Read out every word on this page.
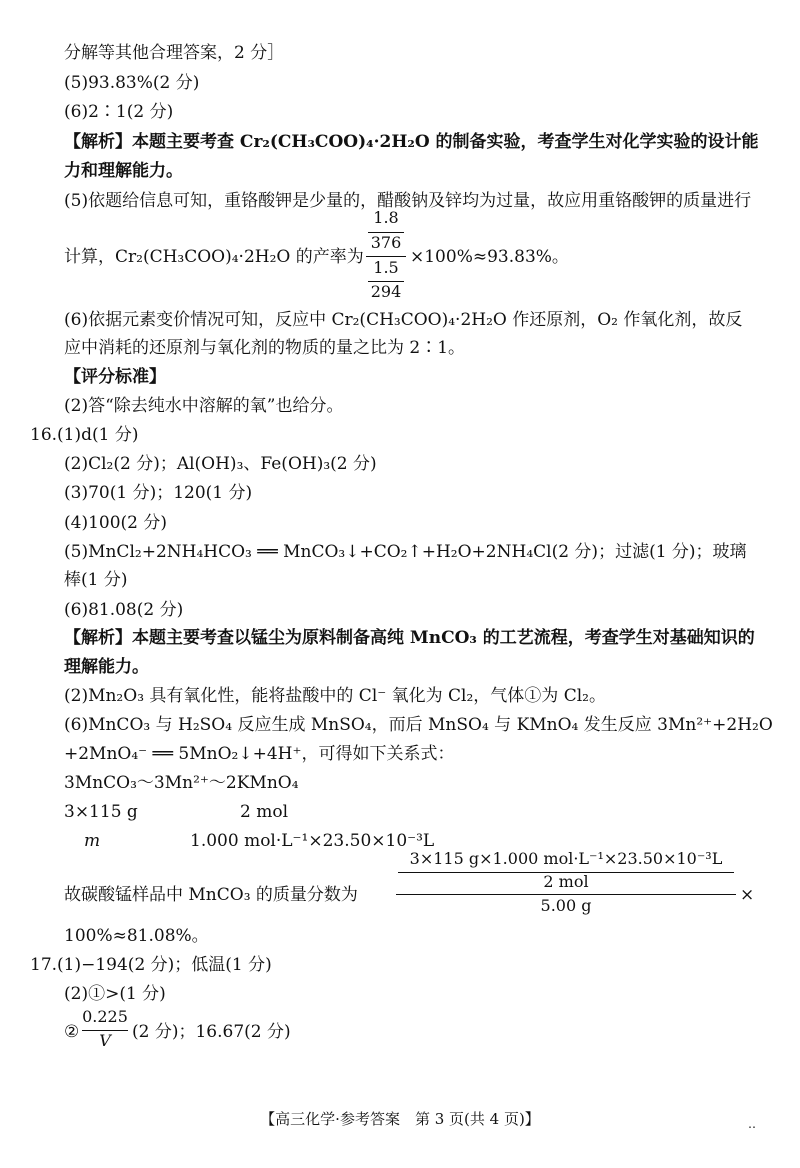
分解等其他合理答案，2 分］
(5)93.83%(2 分)
(6)2∶1(2 分)
【解析】本题主要考查 Cr₂(CH₃COO)₄·2H₂O 的制备实验，考查学生对化学实验的设计能
力和理解能力。
(5)依题给信息可知，重铬酸钾是少量的，醋酸钠及锌均为过量，故应用重铬酸钾的质量进行
计算，Cr₂(CH₃COO)₄·2H₂O 的产率为
1.8
376
1.5
294
×100%≈93.83%。
(6)依据元素变价情况可知，反应中 Cr₂(CH₃COO)₄·2H₂O 作还原剂，O₂ 作氧化剂，故反
应中消耗的还原剂与氧化剂的物质的量之比为 2∶1。
【评分标准】
(2)答“除去纯水中溶解的氧”也给分。
16.(1)d(1 分)
(2)Cl₂(2 分)；Al(OH)₃、Fe(OH)₃(2 分)
(3)70(1 分)；120(1 分)
(4)100(2 分)
(5)MnCl₂+2NH₄HCO₃ ══ MnCO₃↓+CO₂↑+H₂O+2NH₄Cl(2 分)；过滤(1 分)；玻璃
棒(1 分)
(6)81.08(2 分)
【解析】本题主要考查以锰尘为原料制备高纯 MnCO₃ 的工艺流程，考查学生对基础知识的
理解能力。
(2)Mn₂O₃ 具有氧化性，能将盐酸中的 Cl⁻ 氧化为 Cl₂，气体①为 Cl₂。
(6)MnCO₃ 与 H₂SO₄ 反应生成 MnSO₄，而后 MnSO₄ 与 KMnO₄ 发生反应 3Mn²⁺+2H₂O
+2MnO₄⁻ ══ 5MnO₂↓+4H⁺，可得如下关系式：
3MnCO₃～3Mn²⁺～2KMnO₄
3×115 g	2 mol
m	1.000 mol·L⁻¹×23.50×10⁻³L
3×115 g×1.000 mol·L⁻¹×23.50×10⁻³L
2 mol
故碳酸锰样品中 MnCO₃ 的质量分数为
5.00 g
×
100%≈81.08%。
17.(1)−194(2 分)；低温(1 分)
(2)①>(1 分)
②
0.225
V	(2 分)；16.67(2 分)
【高三化学·参考答案　第 3 页(共 4 页)】	‥
